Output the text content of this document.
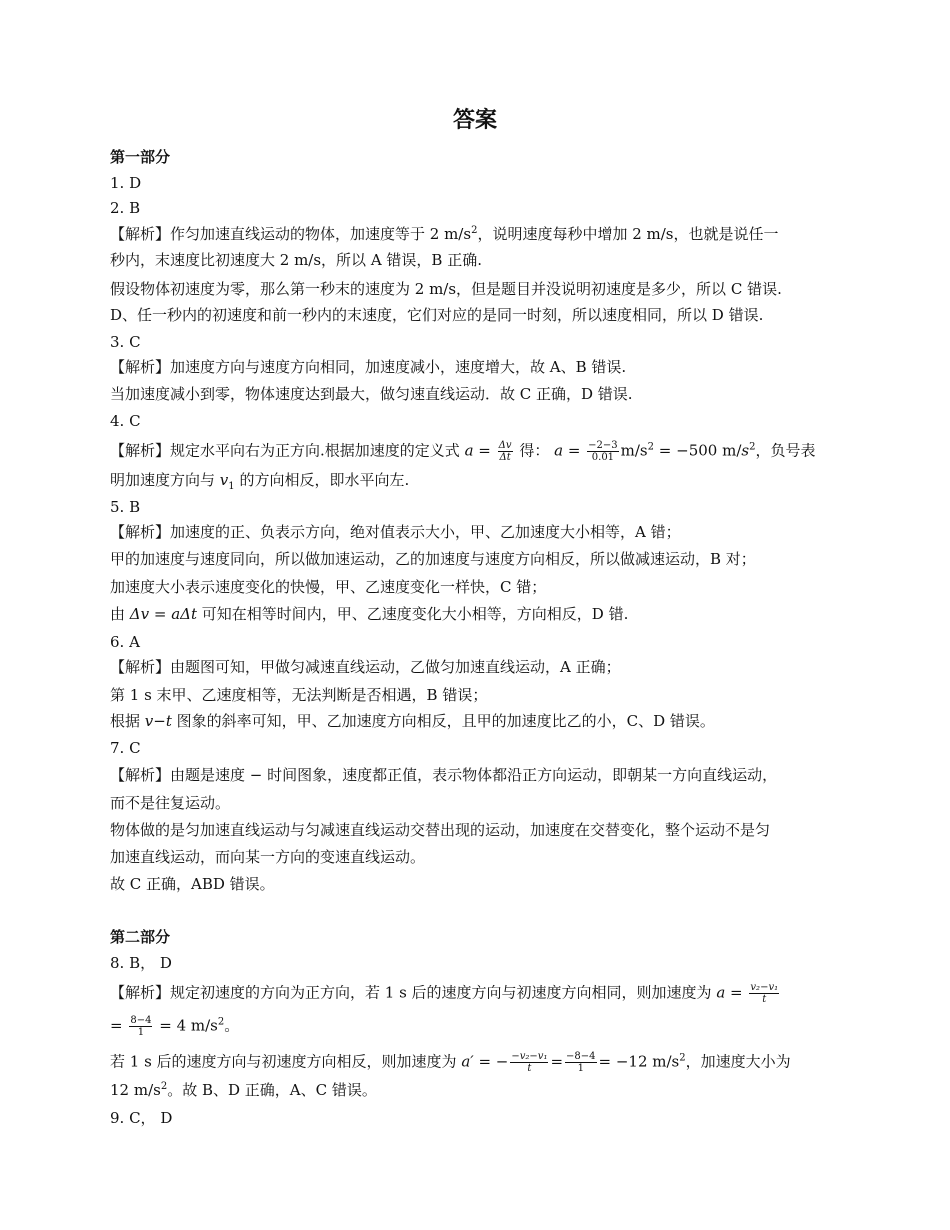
答案
第一部分
1. D
2. B
【解析】作匀加速直线运动的物体，加速度等于 2 $m/s^2$，说明速度每秒中增加 2 m/s，也就是说任一
秒内，末速度比初速度大 2 m/s，所以 A 错误，B 正确.
假设物体初速度为零，那么第一秒末的速度为 2 m/s，但是题目并没说明初速度是多少，所以 C 错误.
D、任一秒内的初速度和前一秒内的末速度，它们对应的是同一时刻，所以速度相同，所以 D 错误.
3. C
【解析】加速度方向与速度方向相同，加速度减小，速度增大，故 A、B 错误.
当加速度减小到零，物体速度达到最大，做匀速直线运动．故 C 正确，D 错误.
4. C
【解析】规定水平向右为正方向.根据加速度的定义式 $a = \frac{\Delta v}{\Delta t}$ 得： $a = \frac{-2-3}{0.01} m/s^2 = -500$ $m/s^2$，负号表
明加速度方向与 $v_1$ 的方向相反，即水平向左.
5. B
【解析】加速度的正、负表示方向，绝对值表示大小，甲、乙加速度大小相等，A 错；
甲的加速度与速度同向，所以做加速运动，乙的加速度与速度方向相反，所以做减速运动，B 对；
加速度大小表示速度变化的快慢，甲、乙速度变化一样快，C 错；
由 Δv = aΔt 可知在相等时间内，甲、乙速度变化大小相等，方向相反，D 错.
6. A
【解析】由题图可知，甲做匀减速直线运动，乙做匀加速直线运动，A 正确；
第 1 s 末甲、乙速度相等，无法判断是否相遇，B 错误；
根据 v−t 图象的斜率可知，甲、乙加速度方向相反，且甲的加速度比乙的小，C、D 错误。
7. C
【解析】由题是速度 − 时间图象，速度都正值，表示物体都沿正方向运动，即朝某一方向直线运动，
而不是往复运动。
物体做的是匀加速直线运动与匀减速直线运动交替出现的运动，加速度在交替变化，整个运动不是匀
加速直线运动，而向某一方向的变速直线运动。
故 C 正确，ABD 错误。
第二部分
8. B， D
【解析】规定初速度的方向为正方向，若 1 s 后的速度方向与初速度方向相同，则加速度为 $a = \frac{\text{v₂−v₁}}{t}$
= $\frac{8-4}{1} = 4$ $m/s^2$。
若 1 s 后的速度方向与初速度方向相反，则加速度为 a′ = − $\frac{\text{−v₂−v₁}}{t} = \frac{-8-4}{1} = -12$ $m/s^2$，加速度大小为
12 $m/s^2$。故 B、D 正确，A、C 错误。
9. C， D
